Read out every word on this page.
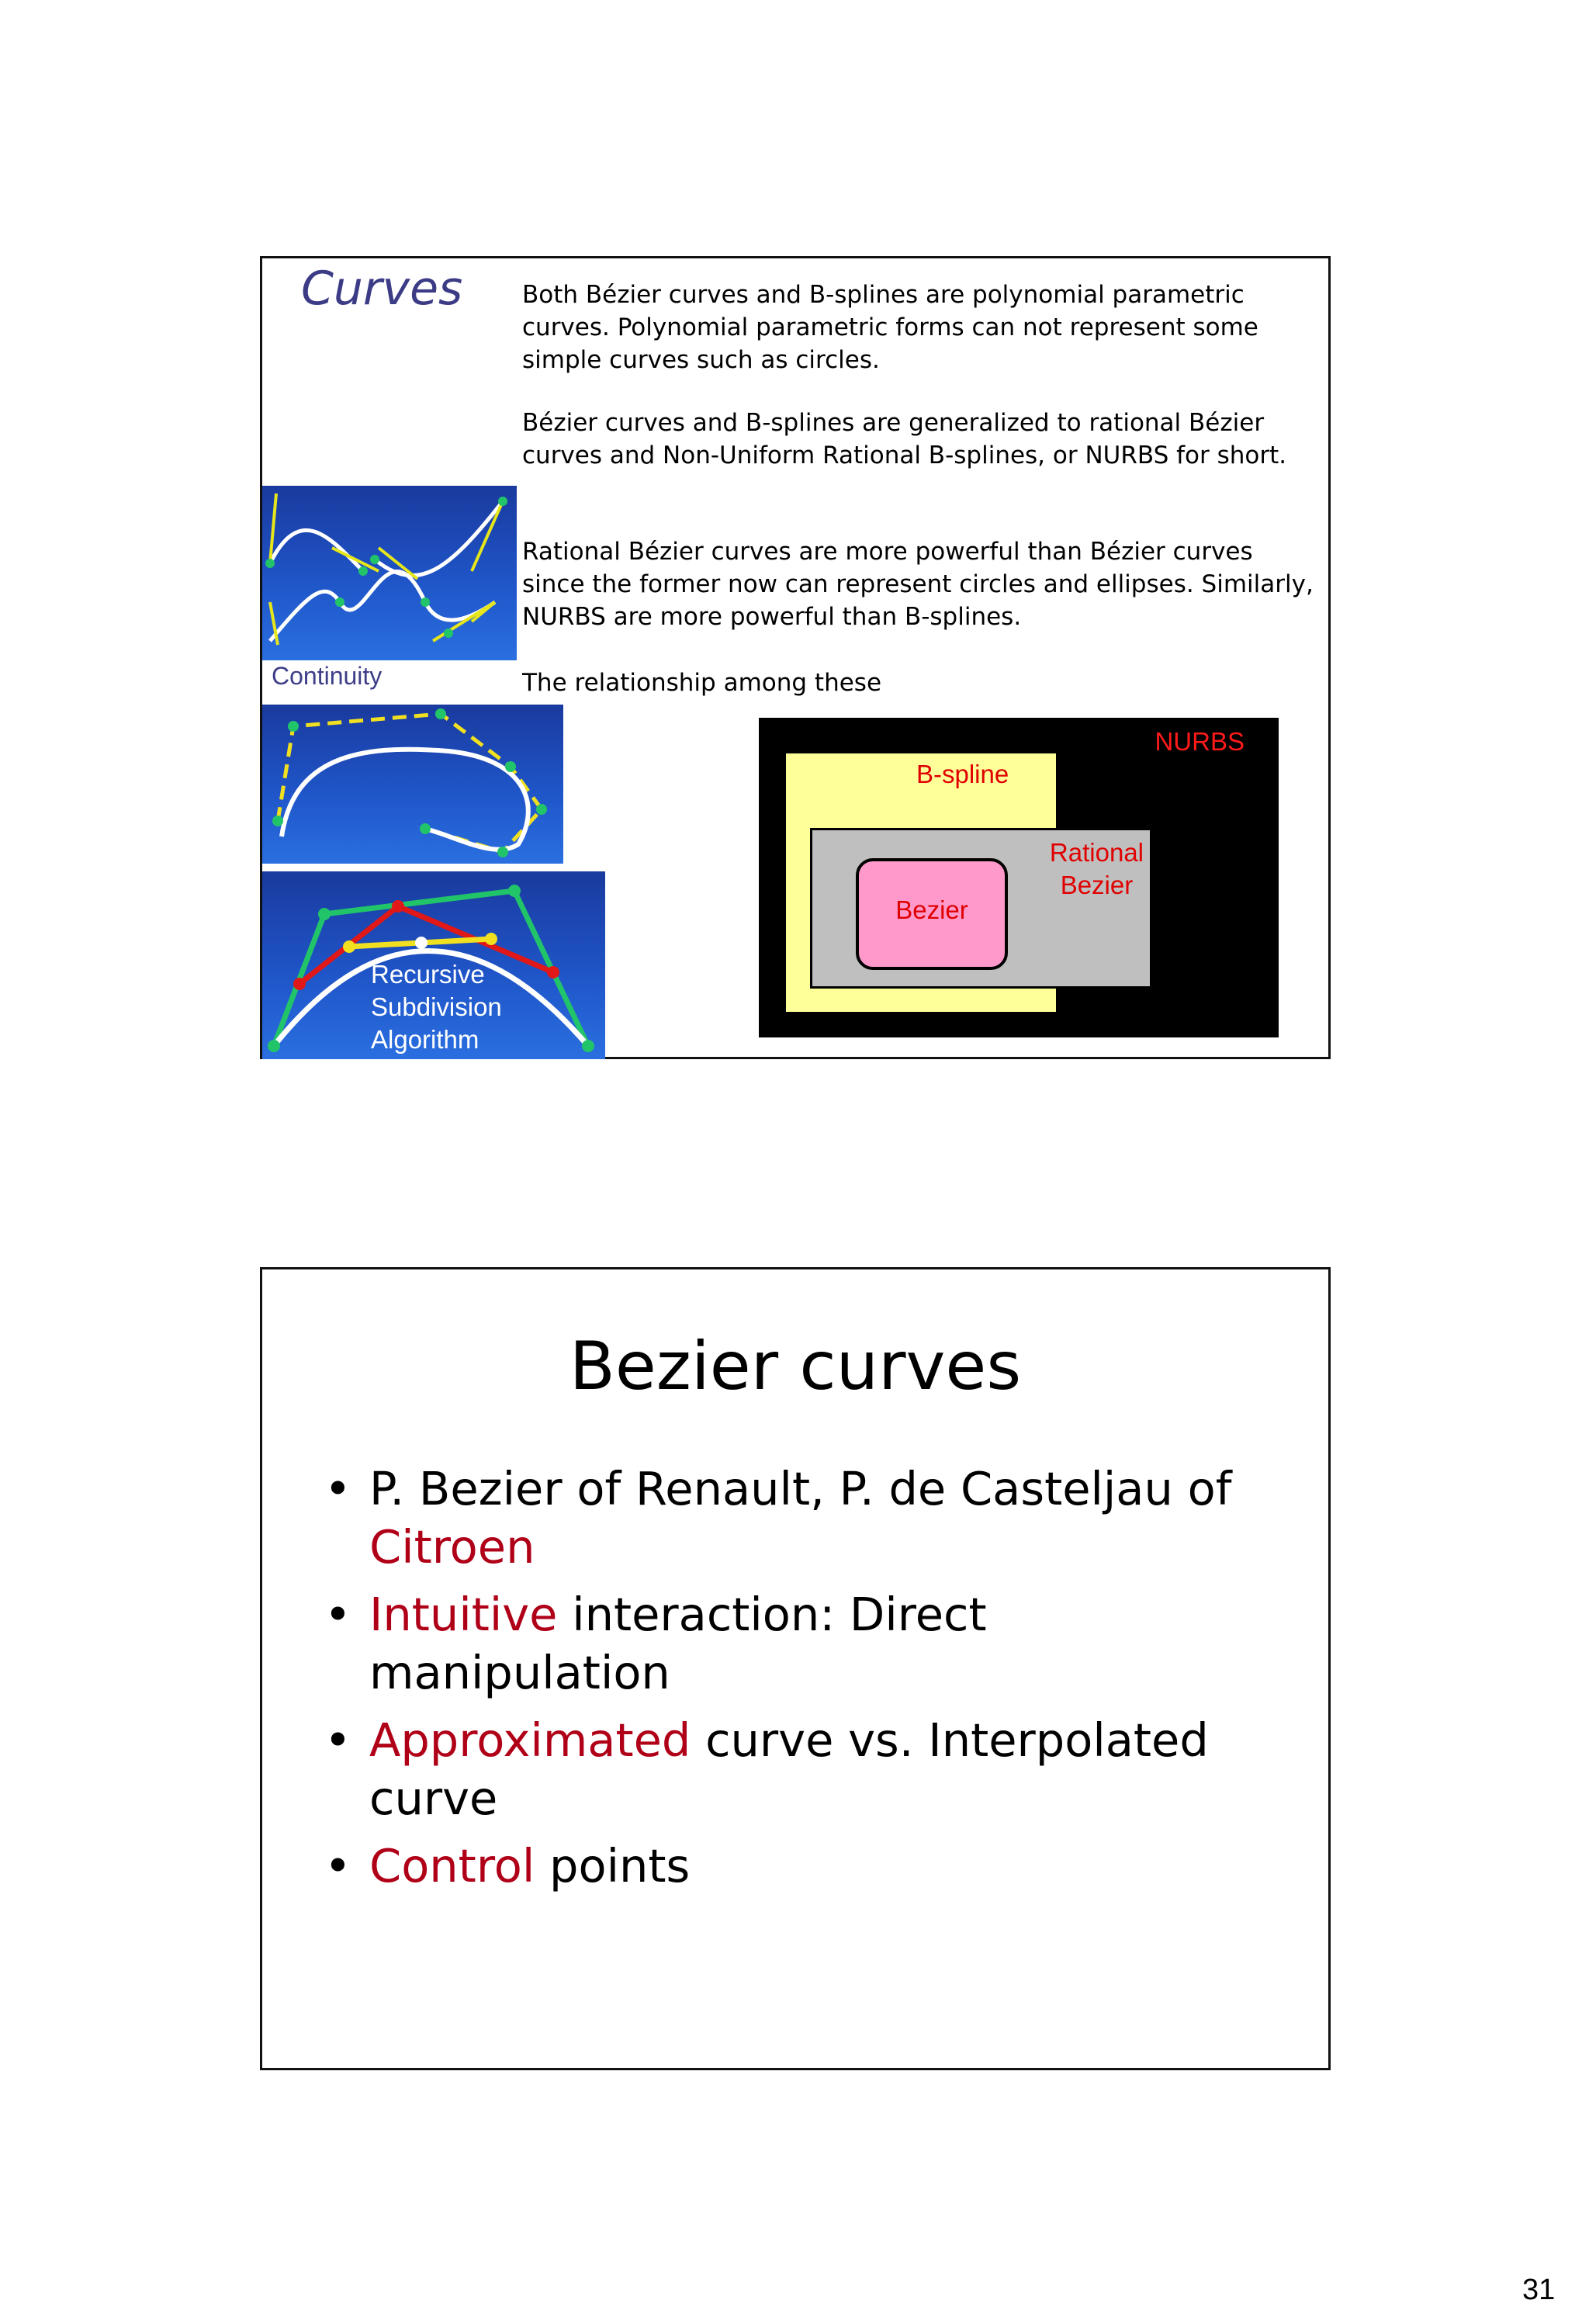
Curves Both Bézier curves and B-splines are polynomial parametric curves. Polynomial parametric forms can not represent some simple curves such as circles.
Bézier curves and B-splines are generalized to rational Bézier curves and Non-Uniform Rational B-splines, or NURBS for short.
Rational Bézier curves are more powerful than Bézier curves since the former now can represent circles and ellipses. Similarly, NURBS are more powerful than B-splines.
The relationship among these
Continuity
Recursive
Subdivision
Algorithm
NURBS
B-spline
Rational
Bezier
Bezier
Bezier curves
• P. Bezier of Renault, P. de Casteljau of Citroen
• Intuitive interaction: Direct manipulation
• Approximated curve vs. Interpolated curve
• Control points
31
